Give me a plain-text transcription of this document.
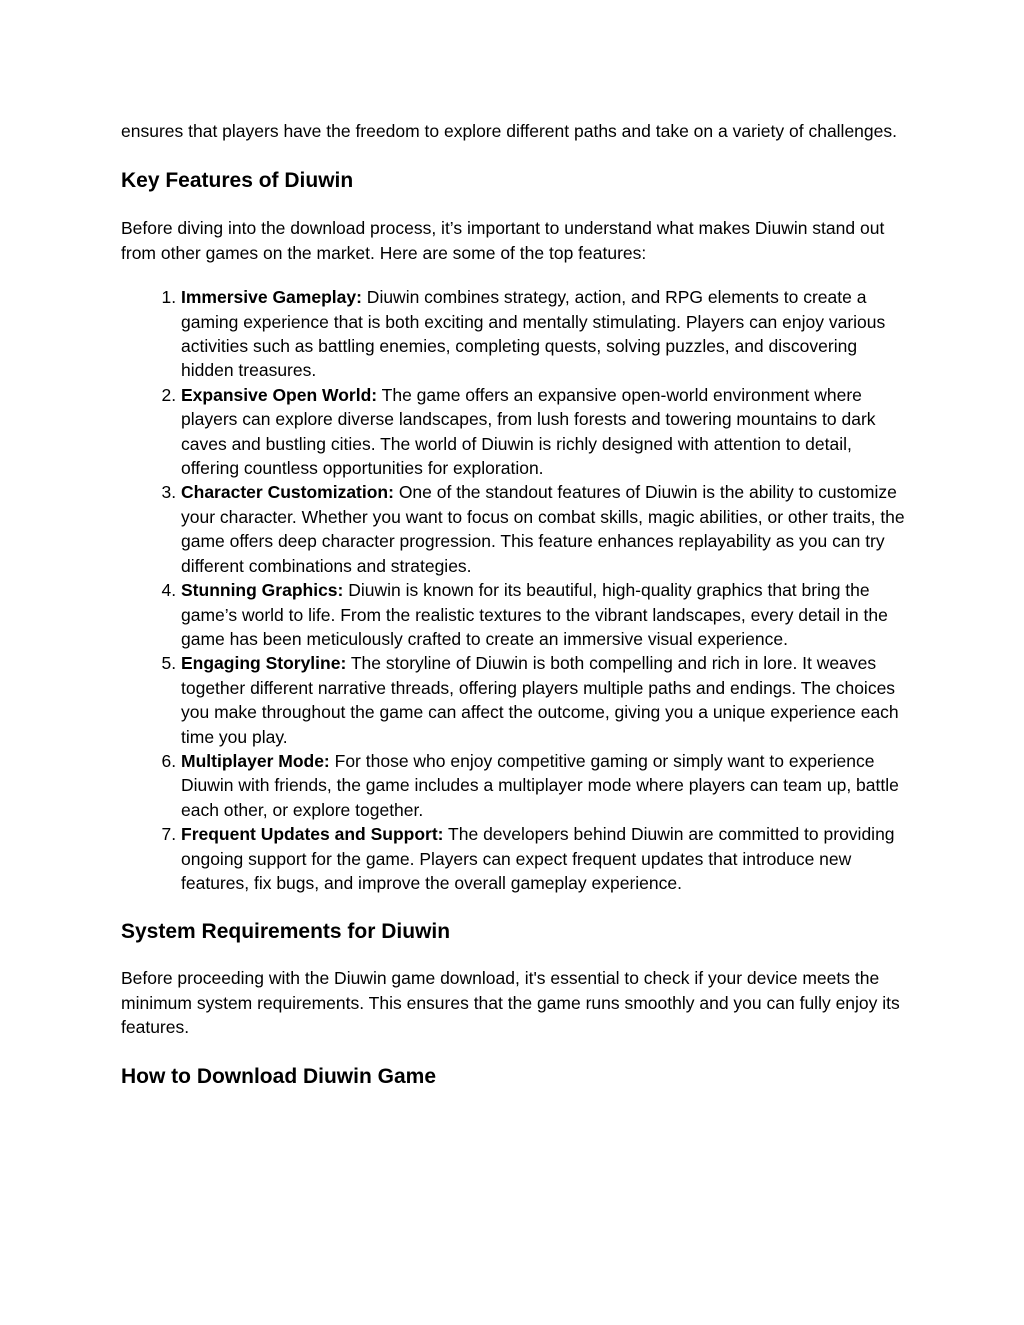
ensures that players have the freedom to explore different paths and take on a variety of challenges.

Key Features of Diuwin

Before diving into the download process, it’s important to understand what makes Diuwin stand out from other games on the market. Here are some of the top features:

1. Immersive Gameplay: Diuwin combines strategy, action, and RPG elements to create a gaming experience that is both exciting and mentally stimulating. Players can enjoy various activities such as battling enemies, completing quests, solving puzzles, and discovering hidden treasures.
2. Expansive Open World: The game offers an expansive open-world environment where players can explore diverse landscapes, from lush forests and towering mountains to dark caves and bustling cities. The world of Diuwin is richly designed with attention to detail, offering countless opportunities for exploration.
3. Character Customization: One of the standout features of Diuwin is the ability to customize your character. Whether you want to focus on combat skills, magic abilities, or other traits, the game offers deep character progression. This feature enhances replayability as you can try different combinations and strategies.
4. Stunning Graphics: Diuwin is known for its beautiful, high-quality graphics that bring the game’s world to life. From the realistic textures to the vibrant landscapes, every detail in the game has been meticulously crafted to create an immersive visual experience.
5. Engaging Storyline: The storyline of Diuwin is both compelling and rich in lore. It weaves together different narrative threads, offering players multiple paths and endings. The choices you make throughout the game can affect the outcome, giving you a unique experience each time you play.
6. Multiplayer Mode: For those who enjoy competitive gaming or simply want to experience Diuwin with friends, the game includes a multiplayer mode where players can team up, battle each other, or explore together.
7. Frequent Updates and Support: The developers behind Diuwin are committed to providing ongoing support for the game. Players can expect frequent updates that introduce new features, fix bugs, and improve the overall gameplay experience.
System Requirements for Diuwin

Before proceeding with the Diuwin game download, it's essential to check if your device meets the minimum system requirements. This ensures that the game runs smoothly and you can fully enjoy its features.

How to Download Diuwin Game
